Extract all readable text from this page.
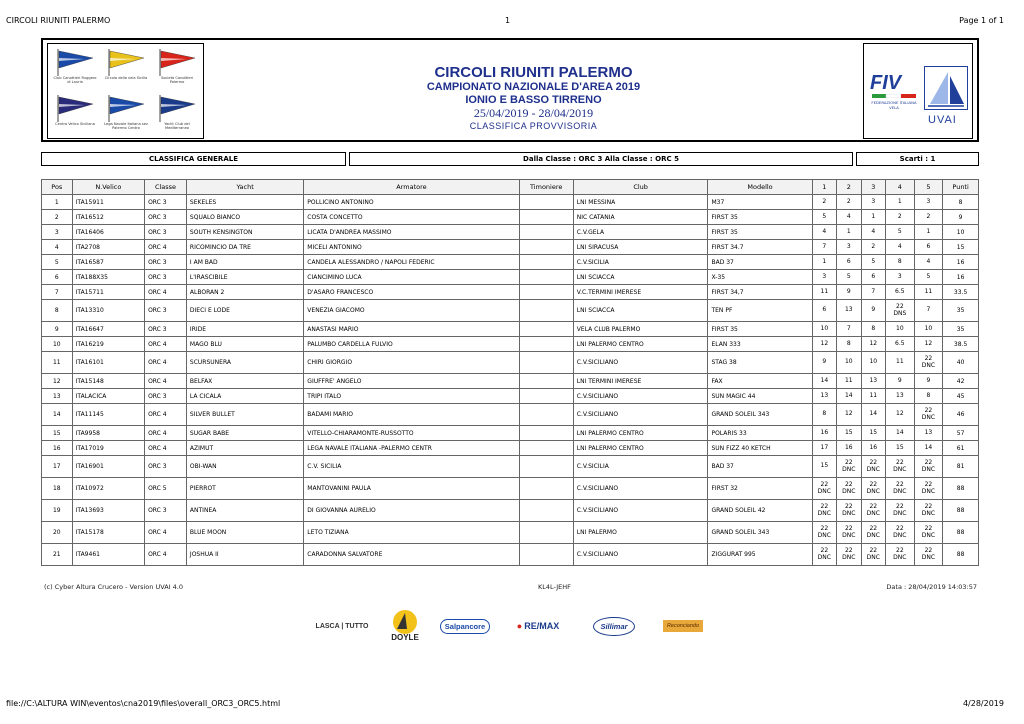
CIRCOLI RIUNITI PALERMO	1	Page 1 of 1
file://C:\ALTURA WIN\eventos\cna2019\files\overall_ORC3_ORC5.html	4/28/2019
Club Canottieri Ruggero di Lauria
Circolo della vela Sicilia	Società Canottieri Palermo
Centro Velico Siciliano	Lega Navale Italiana sez Palermo Centro
Yacht Club del Mediterraneo
CIRCOLI RIUNITI PALERMO
CAMPIONATO NAZIONALE D'AREA 2019
IONIO E BASSO TIRRENO
25/04/2019 - 28/04/2019
CLASSIFICA PROVVISORIA
FIV
FEDERAZIONE ITALIANA VELA
UVAI
CLASSIFICA GENERALE	Dalla Classe : ORC 3 Alla Classe : ORC 5	Scarti : 1
Pos	N.Velico	Classe	Yacht	Armatore	Timoniere	Club	Modello	1	2	3	4	5	Punti
1	ITA15911	ORC 3	SEKELES	POLLICINO ANTONINO		LNI MESSINA	M37	2	2	3	1	3	8
2	ITA16512	ORC 3	SQUALO BIANCO	COSTA CONCETTO		NIC CATANIA	FIRST 35	5	4	1	2	2	9
3	ITA16406	ORC 3	SOUTH KENSINGTON	LICATA D'ANDREA MASSIMO		C.V.GELA	FIRST 35	4	1	4	5	1	10
4	ITA2708	ORC 4	RICOMINCIO DA TRE	MICELI ANTONINO		LNI SIRACUSA	FIRST 34.7	7	3	2	4	6	15
5	ITA16587	ORC 3	I AM BAD	CANDELA ALESSANDRO / NAPOLI FEDERIC		C.V.SICILIA	BAD 37	1	6	5	8	4	16
6	ITA188X35	ORC 3	L'IRASCIBILE	CIANCIMINO LUCA		LNI SCIACCA	X-35	3	5	6	3	5	16
7	ITA15711	ORC 4	ALBORAN 2	D'ASARO FRANCESCO		V.C.TERMINI IMERESE	FIRST 34,7	11	9	7	6.5	11	33.5
8	ITA13310	ORC 3	DIECI E LODE	VENEZIA GIACOMO		LNI SCIACCA	TEN PF	6	13	9	22 DNS	7	35
9	ITA16647	ORC 3	IRIDE	ANASTASI MARIO		VELA CLUB PALERMO	FIRST 35	10	7	8	10	10	35
10	ITA16219	ORC 4	MAGO BLU	PALUMBO CARDELLA FULVIO		LNI PALERMO CENTRO	ELAN 333	12	8	12	6.5	12	38.5
11	ITA16101	ORC 4	SCURSUNERA	CHIRI GIORGIO		C.V.SICILIANO	STAG 38	9	10	10	11	22 DNC	40
12	ITA15148	ORC 4	BELFAX	GIUFFRE' ANGELO		LNI TERMINI IMERESE	FAX	14	11	13	9	9	42
13	ITALACICA	ORC 3	LA CICALA	TRIPI ITALO		C.V.SICILIANO	SUN MAGIC 44	13	14	11	13	8	45
14	ITA11145	ORC 4	SILVER BULLET	BADAMI MARIO		C.V.SICILIANO	GRAND SOLEIL 343	8	12	14	12	22 DNC	46
15	ITA9958	ORC 4	SUGAR BABE	VITELLO-CHIARAMONTE-RUSSOTTO		LNI PALERMO CENTRO	POLARIS 33	16	15	15	14	13	57
16	ITA17019	ORC 4	AZIMUT	LEGA NAVALE ITALIANA -PALERMO CENTR		LNI PALERMO CENTRO	SUN FIZZ 40 KETCH	17	16	16	15	14	61
17	ITA16901	ORC 3	OBI-WAN	C.V. SICILIA		C.V.SICILIA	BAD 37	15	22 DNC	22 DNC	22 DNC	22 DNC	81
18	ITA10972	ORC 5	PIERROT	MANTOVANINI PAULA		C.V.SICILIANO	FIRST 32	22 DNC	22 DNC	22 DNC	22 DNC	22 DNC	88
19	ITA13693	ORC 3	ANTINEA	DI GIOVANNA AURELIO		C.V.SICILIANO	GRAND SOLEIL 42	22 DNC	22 DNC	22 DNC	22 DNC	22 DNC	88
20	ITA15178	ORC 4	BLUE MOON	LETO TIZIANA		LNI PALERMO	GRAND SOLEIL 343	22 DNC	22 DNC	22 DNC	22 DNC	22 DNC	88
21	ITA9461	ORC 4	JOSHUA II	CARADONNA SALVATORE		C.V.SICILIANO	ZIGGURAT 995	22 DNC	22 DNC	22 DNC	22 DNC	22 DNC	88
(c) Cyber Altura Crucero - Version UVAI 4.0	KL4L-JEHF	Data : 28/04/2019 14:03:57
LASCA | TUTTO
DOYLE
Salpancore	● RE/MAX	Sillimar	Reconciando
